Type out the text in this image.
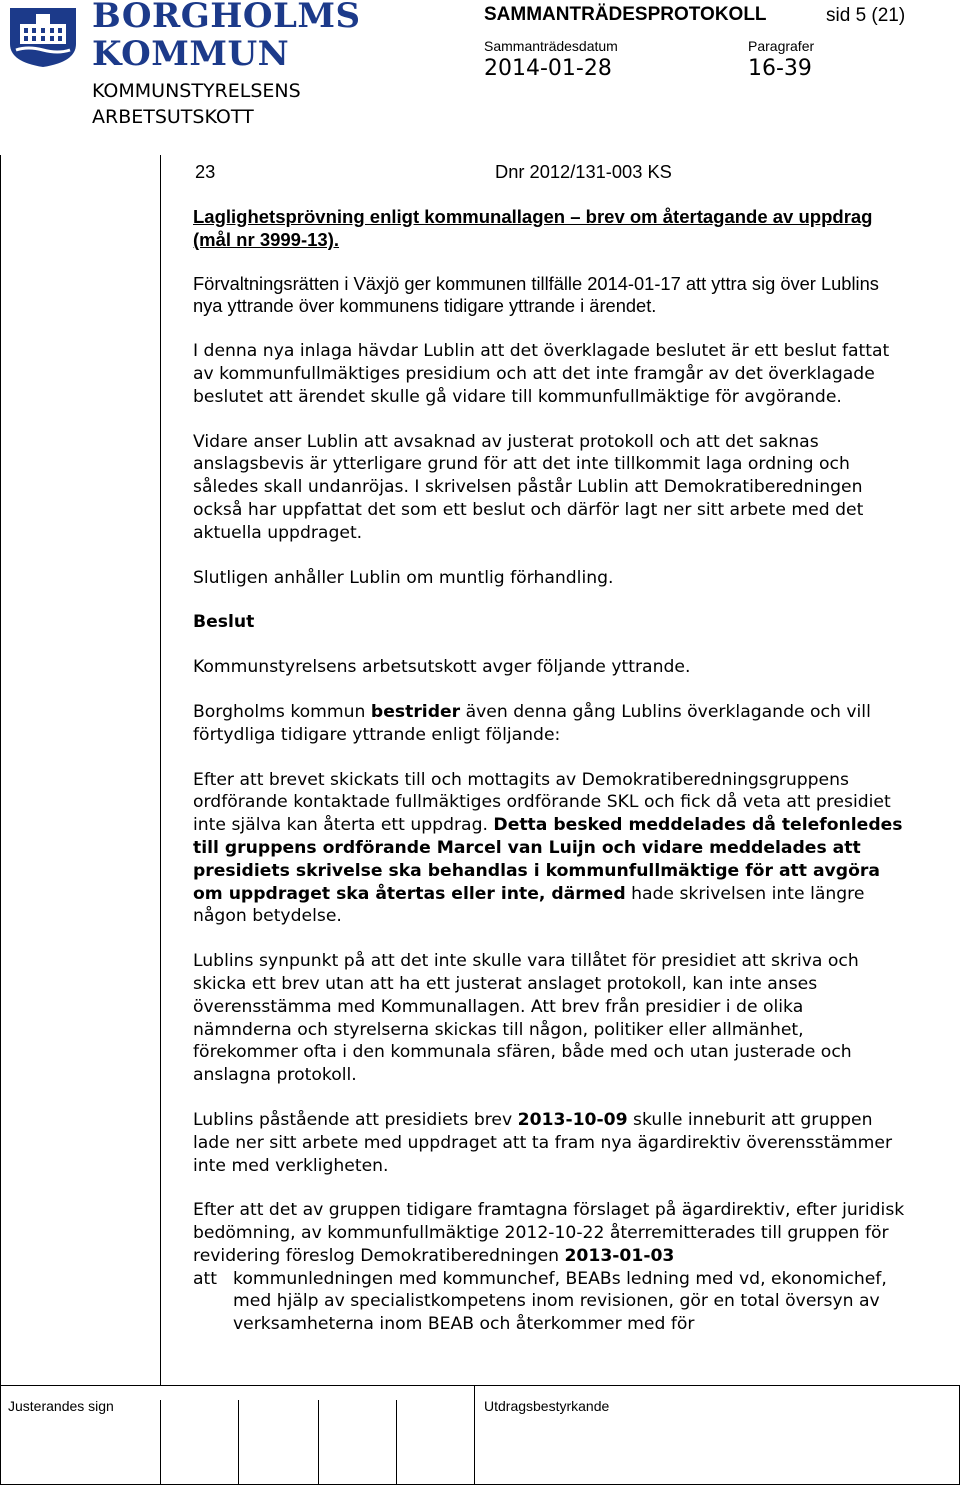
BORGHOLMS
KOMMUN
KOMMUNSTYRELSENS
ARBETSUTSKOTT
SAMMANTRÄDESPROTOKOLL	sid 5 (21)
Sammanträdesdatum	Paragrafer
2014-01-28	16-39
23	Dnr 2012/131-003 KS

Laglighetsprövning enligt kommunallagen – brev om återtagande av uppdrag (mål nr 3999-13).

Förvaltningsrätten i Växjö ger kommunen tillfälle 2014-01-17 att yttra sig över Lublins nya yttrande över kommunens tidigare yttrande i ärendet.

I denna nya inlaga hävdar Lublin att det överklagade beslutet är ett beslut fattat av kommunfullmäktiges presidium och att det inte framgår av det överklagade beslutet att ärendet skulle gå vidare till kommunfullmäktige för avgörande.

Vidare anser Lublin att avsaknad av justerat protokoll och att det saknas anslagsbevis är ytterligare grund för att det inte tillkommit laga ordning och således skall undanröjas. I skrivelsen påstår Lublin att Demokratiberedningen också har uppfattat det som ett beslut och därför lagt ner sitt arbete med det aktuella uppdraget.

Slutligen anhåller Lublin om muntlig förhandling.

Beslut

Kommunstyrelsens arbetsutskott avger följande yttrande.

Borgholms kommun bestrider även denna gång Lublins överklagande och vill förtydliga tidigare yttrande enligt följande:

Efter att brevet skickats till och mottagits av Demokratiberedningsgruppens ordförande kontaktade fullmäktiges ordförande SKL och fick då veta att presidiet inte själva kan återta ett uppdrag. Detta besked meddelades då telefonledes till gruppens ordförande Marcel van Luijn och vidare meddelades att presidiets skrivelse ska behandlas i kommunfullmäktige för att avgöra om uppdraget ska återtas eller inte, därmed hade skrivelsen inte längre någon betydelse.

Lublins synpunkt på att det inte skulle vara tillåtet för presidiet att skriva och skicka ett brev utan att ha ett justerat anslaget protokoll, kan inte anses överensstämma med Kommunallagen. Att brev från presidier i de olika nämnderna och styrelserna skickas till någon, politiker eller allmänhet, förekommer ofta i den kommunala sfären, både med och utan justerade och anslagna protokoll.

Lublins påstående att presidiets brev 2013-10-09 skulle inneburit att gruppen lade ner sitt arbete med uppdraget att ta fram nya ägardirektiv överensstämmer inte med verkligheten.

Efter att det av gruppen tidigare framtagna förslaget på ägardirektiv, efter juridisk bedömning, av kommunfullmäktige 2012-10-22 återremitterades till gruppen för revidering föreslog Demokratiberedningen 2013-01-03

att kommunledningen med kommunchef, BEABs ledning med vd, ekonomichef, med hjälp av specialistkompetens inom revisionen, gör en total översyn av verksamheterna inom BEAB och återkommer med för
Justerandes sign	Utdragsbestyrkande
